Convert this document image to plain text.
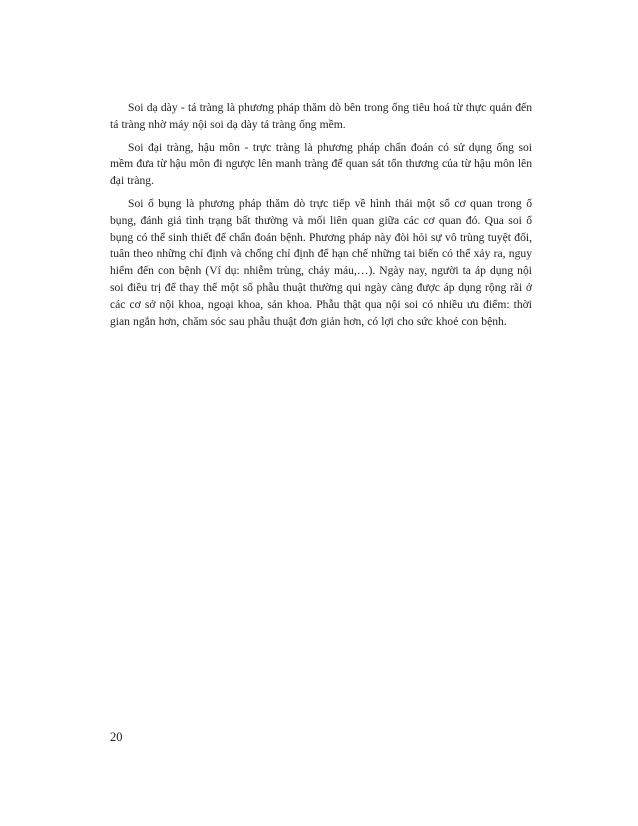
Soi dạ dày - tá tràng là phương pháp thăm dò bên trong ống tiêu hoá từ thực quản đến tá tràng nhờ máy nội soi dạ dày tá tràng ống mềm.

Soi đại tràng, hậu môn - trực tràng là phương pháp chẩn đoán có sử dụng ống soi mềm đưa từ hậu môn đi ngược lên manh tràng để quan sát tổn thương của từ hậu môn lên đại tràng.

Soi ổ bụng là phương pháp thăm dò trực tiếp về hình thái một số cơ quan trong ổ bụng, đánh giá tình trạng bất thường và mối liên quan giữa các cơ quan đó. Qua soi ổ bụng có thể sinh thiết để chẩn đoán bệnh. Phương pháp này đòi hỏi sự vô trùng tuyệt đối, tuân theo những chỉ định và chống chỉ định để hạn chế những tai biến có thể xảy ra, nguy hiểm đến con bệnh (Ví dụ: nhiễm trùng, chảy máu,…). Ngày nay, người ta áp dụng nội soi điều trị để thay thế một số phẫu thuật thường qui ngày càng được áp dụng rộng rãi ở các cơ sở nội khoa, ngoại khoa, sản khoa. Phẫu thật qua nội soi có nhiều ưu điểm: thời gian ngắn hơn, chăm sóc sau phẫu thuật đơn giản hơn, có lợi cho sức khoẻ con bệnh.

20
